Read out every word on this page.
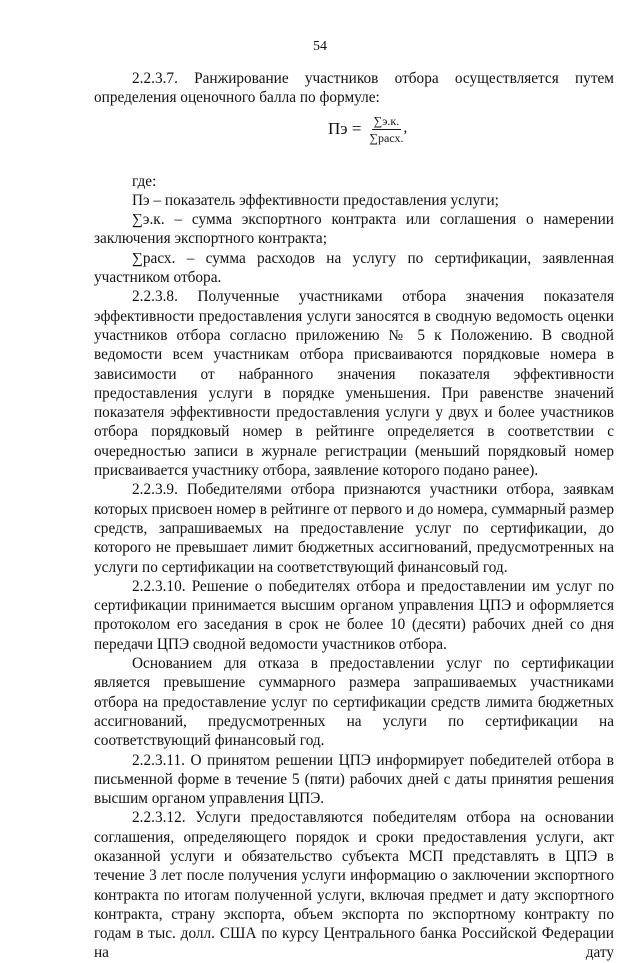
54

2.2.3.7. Ранжирование участников отбора осуществляется путем определения оценочного балла по формуле:

Пэ = $\frac{\sum э.к.}{\text{∑расх.}}$ ,

где:

Пэ – показатель эффективности предоставления услуги;

∑э.к. – сумма экспортного контракта или соглашения о намерении заключения экспортного контракта;

∑расх. – сумма расходов на услугу по сертификации, заявленная участником отбора.

2.2.3.8. Полученные участниками отбора значения показателя эффективности предоставления услуги заносятся в сводную ведомость оценки участников отбора согласно приложению № 5 к Положению. В сводной ведомости всем участникам отбора присваиваются порядковые номера в зависимости от набранного значения показателя эффективности предоставления услуги в порядке уменьшения. При равенстве значений показателя эффективности предоставления услуги у двух и более участников отбора порядковый номер в рейтинге определяется в соответствии с очередностью записи в журнале регистрации (меньший порядковый номер присваивается участнику отбора, заявление которого подано ранее).

2.2.3.9. Победителями отбора признаются участники отбора, заявкам которых присвоен номер в рейтинге от первого и до номера, суммарный размер средств, запрашиваемых на предоставление услуг по сертификации, до которого не превышает лимит бюджетных ассигнований, предусмотренных на услуги по сертификации на соответствующий финансовый год.

2.2.3.10. Решение о победителях отбора и предоставлении им услуг по сертификации принимается высшим органом управления ЦПЭ и оформляется протоколом его заседания в срок не более 10 (десяти) рабочих дней со дня передачи ЦПЭ сводной ведомости участников отбора.

Основанием для отказа в предоставлении услуг по сертификации является превышение суммарного размера запрашиваемых участниками отбора на предоставление услуг по сертификации средств лимита бюджетных ассигнований, предусмотренных на услуги по сертификации на соответствующий финансовый год.

2.2.3.11. О принятом решении ЦПЭ информирует победителей отбора в письменной форме в течение 5 (пяти) рабочих дней с даты принятия решения высшим органом управления ЦПЭ.

2.2.3.12. Услуги предоставляются победителям отбора на основании соглашения, определяющего порядок и сроки предоставления услуги, акт оказанной услуги и обязательство субъекта МСП представлять в ЦПЭ в течение 3 лет после получения услуги информацию о заключении экспортного контракта по итогам полученной услуги, включая предмет и дату экспортного контракта, страну экспорта, объем экспорта по экспортному контракту по годам в тыс. долл. США по курсу Центрального банка Российской Федерации на дату
